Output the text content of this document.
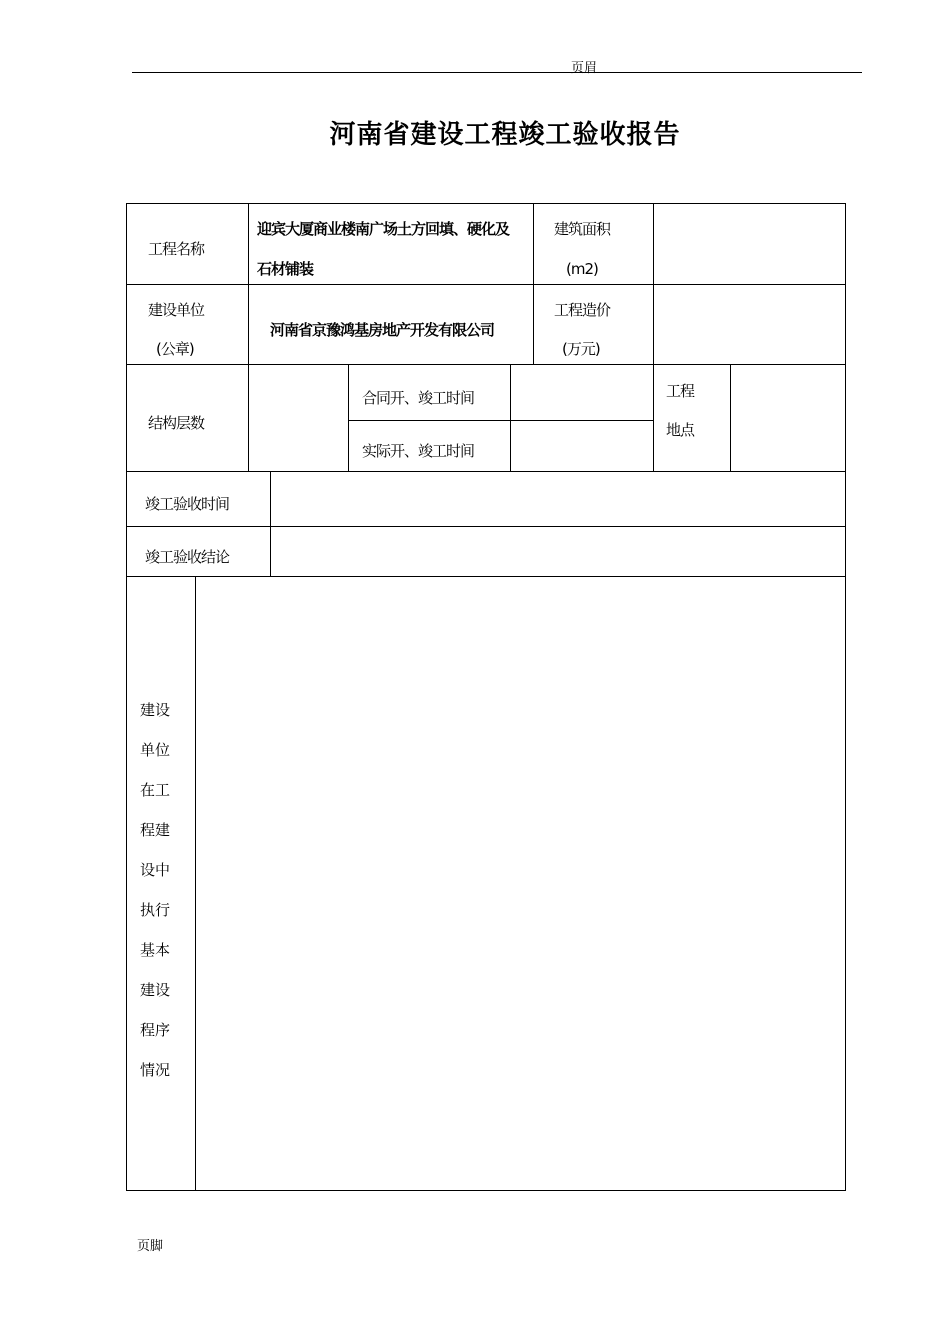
页眉
河南省建设工程竣工验收报告
工程名称
迎宾大厦商业楼南广场土方回填、硬化及
石材铺装
建筑面积
(m2)
建设单位
(公章)
河南省京豫鸿基房地产开发有限公司
工程造价
(万元)
结构层数
合同开、竣工时间
实际开、竣工时间
工程
地点
竣工验收时间
竣工验收结论
建设
单位
在工
程建
设中
执行
基本
建设
程序
情况
页脚
